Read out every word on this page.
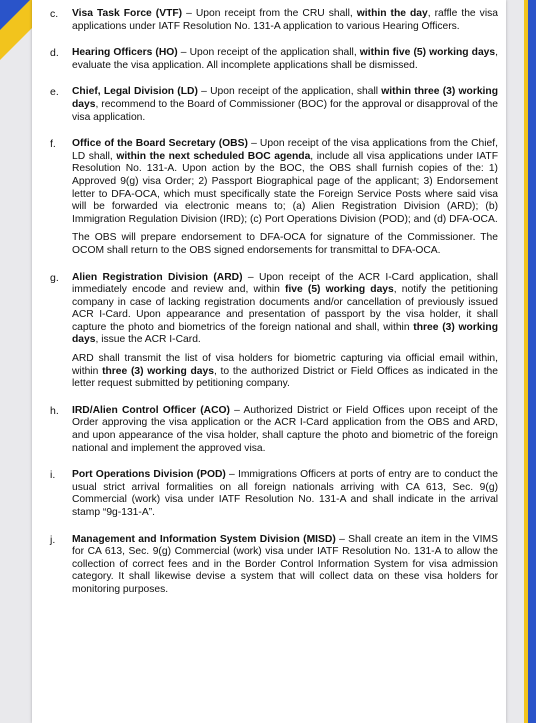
c.	Visa Task Force (VTF) – Upon receipt from the CRU shall, within the day, raffle the visa applications under IATF Resolution No. 131-A application to various Hearing Officers.

d.	Hearing Officers (HO) – Upon receipt of the application shall, within five (5) working days, evaluate the visa application. All incomplete applications shall be dismissed.

e.	Chief, Legal Division (LD) – Upon receipt of the application, shall within three (3) working days, recommend to the Board of Commissioner (BOC) for the approval or disapproval of the visa application.

f.	Office of the Board Secretary (OBS) – Upon receipt of the visa applications from the Chief, LD shall, within the next scheduled BOC agenda, include all visa applications under IATF Resolution No. 131-A. Upon action by the BOC, the OBS shall furnish copies of the: 1) Approved 9(g) visa Order; 2) Passport Biographical page of the applicant; 3) Endorsement letter to DFA-OCA, which must specifically state the Foreign Service Posts where said visa will be forwarded via electronic means to; (a) Alien Registration Division (ARD); (b) Immigration Regulation Division (IRD); (c) Port Operations Division (POD); and (d) DFA-OCA.

The OBS will prepare endorsement to DFA-OCA for signature of the Commissioner. The OCOM shall return to the OBS signed endorsements for transmittal to DFA-OCA.

g.	Alien Registration Division (ARD) – Upon receipt of the ACR I-Card application, shall immediately encode and review and, within five (5) working days, notify the petitioning company in case of lacking registration documents and/or cancellation of previously issued ACR I-Card. Upon appearance and presentation of passport by the visa holder, it shall capture the photo and biometrics of the foreign national and shall, within three (3) working days, issue the ACR I-Card.

ARD shall transmit the list of visa holders for biometric capturing via official email within, within three (3) working days, to the authorized District or Field Offices as indicated in the letter request submitted by petitioning company.

h.	IRD/Alien Control Officer (ACO) – Authorized District or Field Offices upon receipt of the Order approving the visa application or the ACR I-Card application from the OBS and ARD, and upon appearance of the visa holder, shall capture the photo and biometric of the foreign national and implement the approved visa.

i.	Port Operations Division (POD) – Immigrations Officers at ports of entry are to conduct the usual strict arrival formalities on all foreign nationals arriving with CA 613, Sec. 9(g) Commercial (work) visa under IATF Resolution No. 131-A and shall indicate in the arrival stamp “9g-131-A”.

j.	Management and Information System Division (MISD) – Shall create an item in the VIMS for CA 613, Sec. 9(g) Commercial (work) visa under IATF Resolution No. 131-A to allow the collection of correct fees and in the Border Control Information System for visa admission category. It shall likewise devise a system that will collect data on these visa holders for monitoring purposes.
